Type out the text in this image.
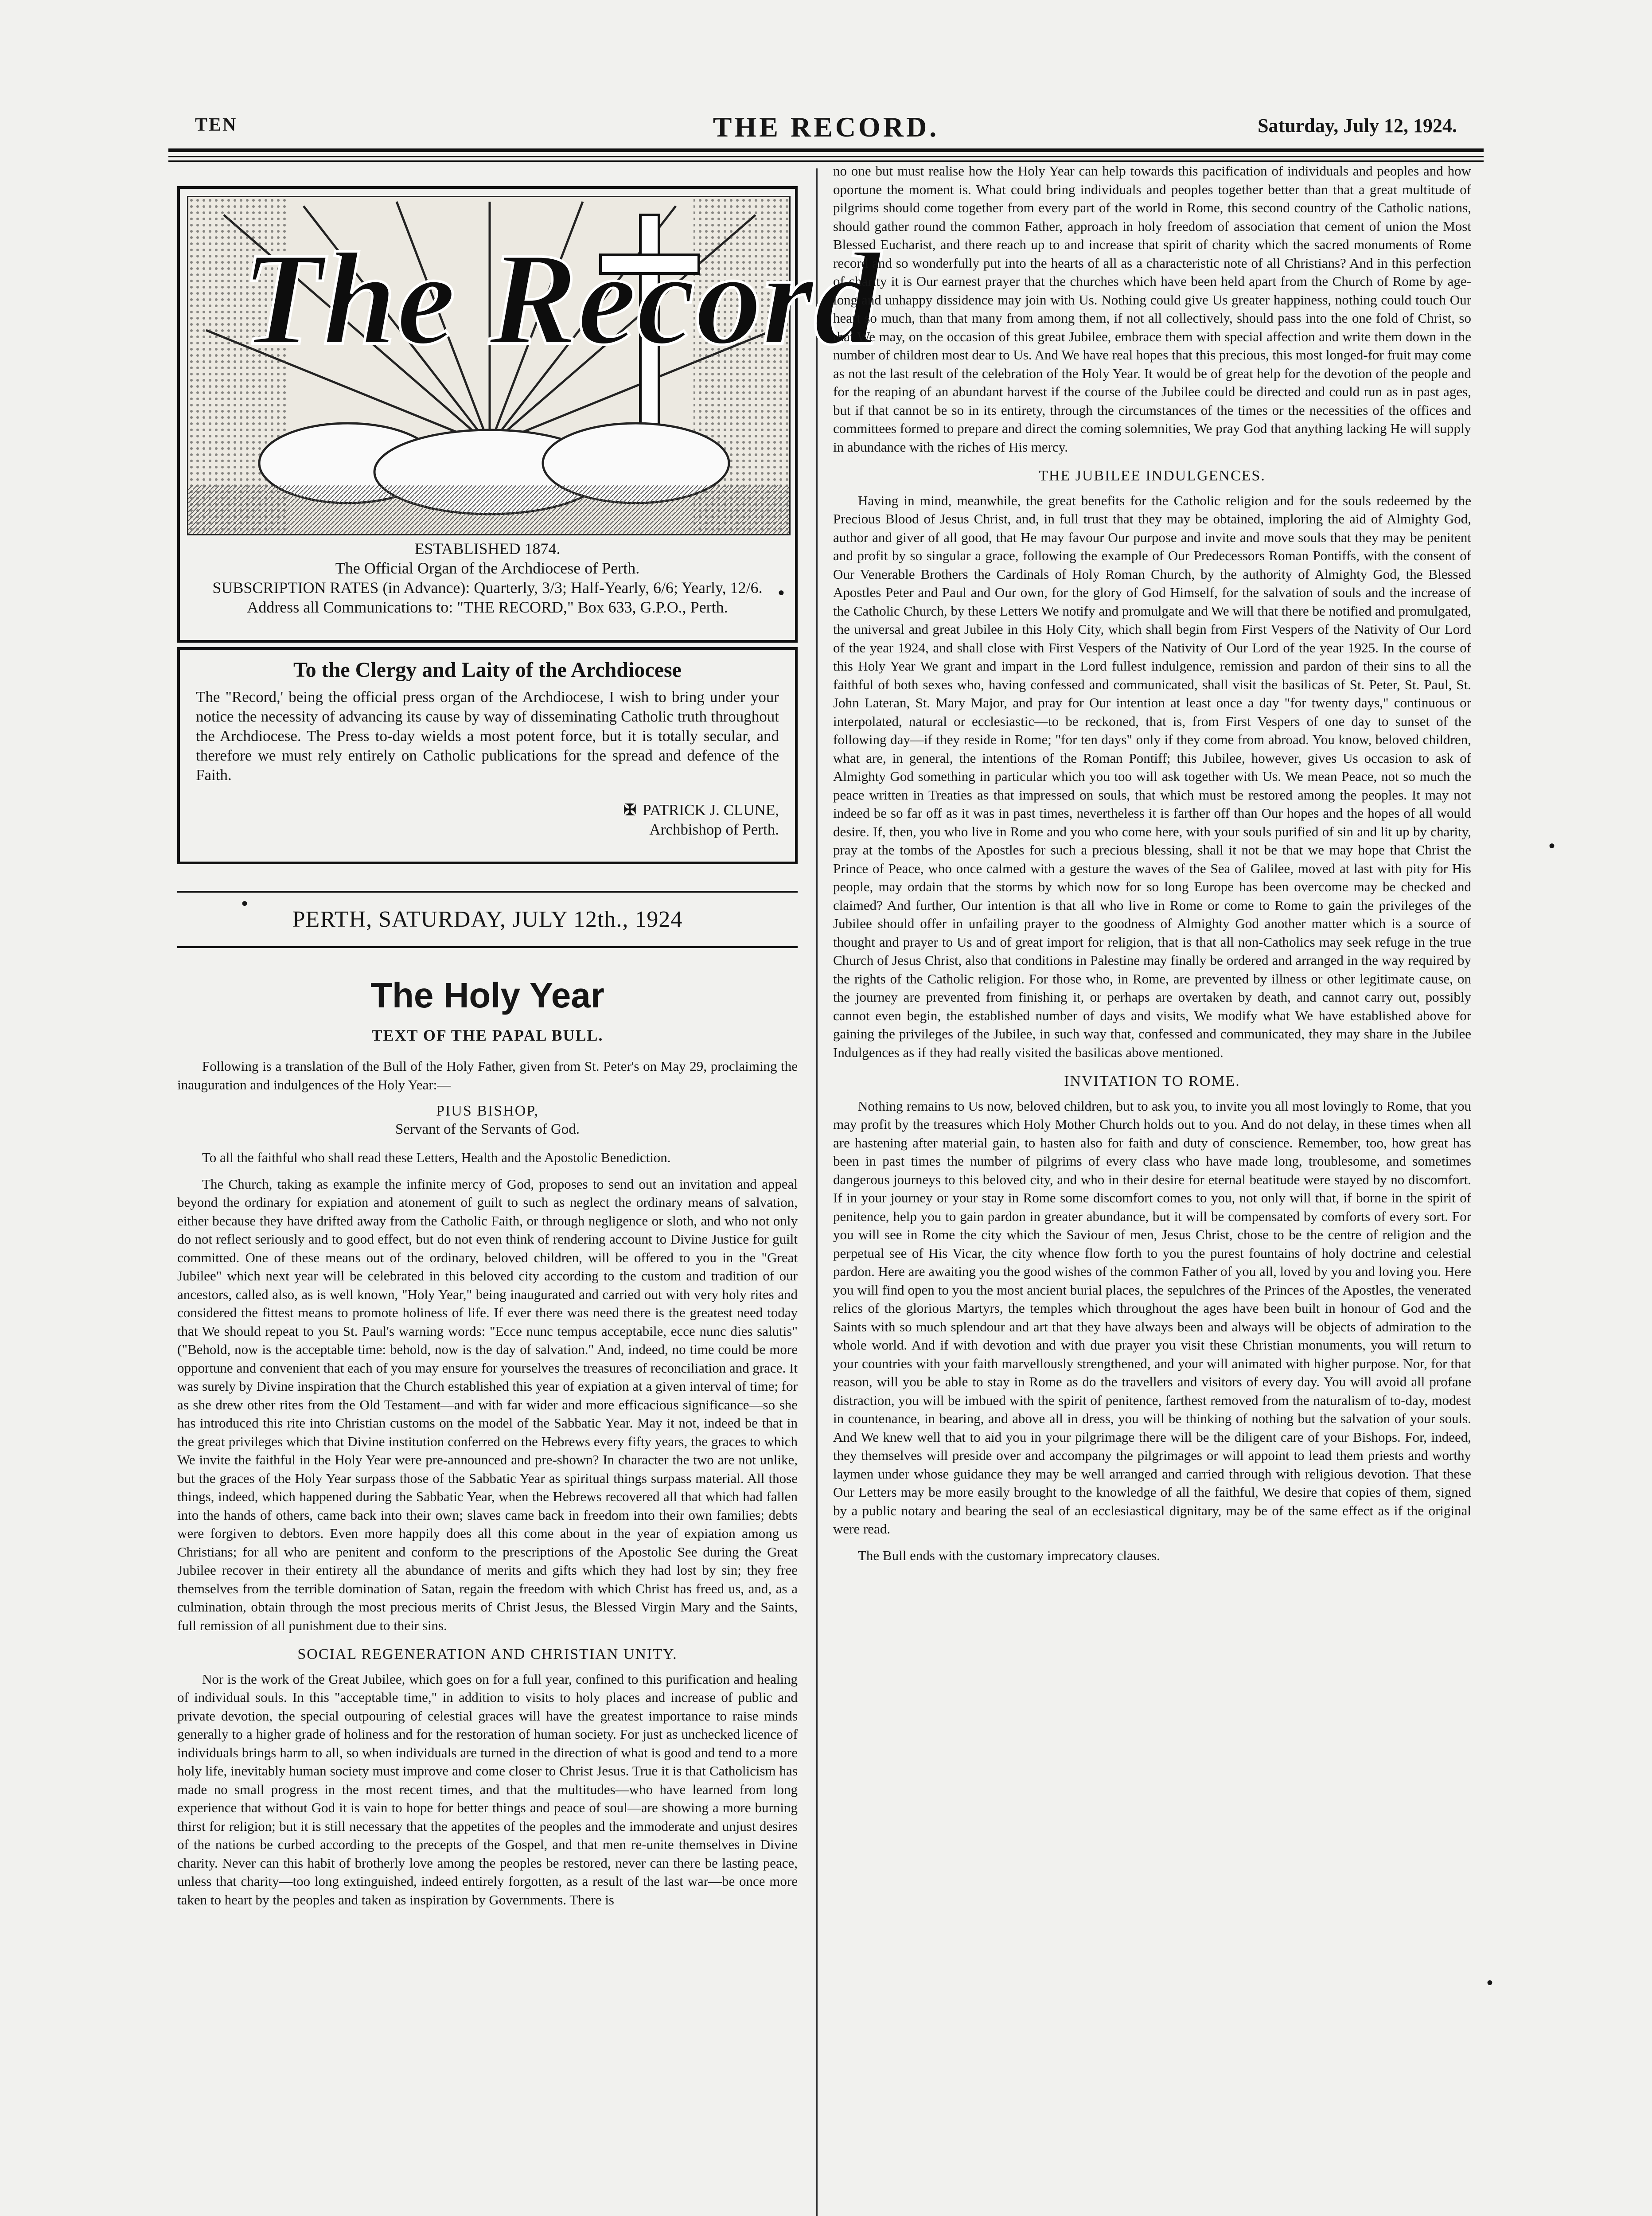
TEN	THE RECORD.	Saturday, July 12, 1924.
The Record

ESTABLISHED 1874.

The Official Organ of the Archdiocese of Perth.

SUBSCRIPTION RATES (in Advance): Quarterly, 3/3; Half-Yearly, 6/6; Yearly, 12/6.

Address all Communications to: "THE RECORD," Box 633, G.P.O., Perth.

•
To the Clergy and Laity of the Archdiocese

The "Record,' being the official press organ of the Archdiocese, I wish to bring under your notice the necessity of advancing its cause by way of disseminating Catholic truth throughout the Archdiocese. The Press to-day wields a most potent force, but it is totally secular, and therefore we must rely entirely on Catholic publications for the spread and defence of the Faith.

✠ PATRICK J. CLUNE,
Archbishop of Perth.
PERTH, SATURDAY, JULY 12th., 1924
The Holy Year
TEXT OF THE PAPAL BULL.

Following is a translation of the Bull of the Holy Father, given from St. Peter's on May 29, proclaiming the inauguration and indulgences of the Holy Year:—

PIUS BISHOP,
Servant of the Servants of God.

To all the faithful who shall read these Letters, Health and the Apostolic Benediction.

The Church, taking as example the infinite mercy of God, proposes to send out an invitation and appeal beyond the ordinary for expiation and atonement of guilt to such as neglect the ordinary means of salvation, either because they have drifted away from the Catholic Faith, or through negligence or sloth, and who not only do not reflect seriously and to good effect, but do not even think of rendering account to Divine Justice for guilt committed. One of these means out of the ordinary, beloved children, will be offered to you in the "Great Jubilee" which next year will be celebrated in this beloved city according to the custom and tradition of our ancestors, called also, as is well known, "Holy Year," being inaugurated and carried out with very holy rites and considered the fittest means to promote holiness of life. If ever there was need there is the greatest need today that We should repeat to you St. Paul's warning words: "Ecce nunc tempus acceptabile, ecce nunc dies salutis" ("Behold, now is the acceptable time: behold, now is the day of salvation." And, indeed, no time could be more opportune and convenient that each of you may ensure for yourselves the treasures of reconciliation and grace. It was surely by Divine inspiration that the Church established this year of expiation at a given interval of time; for as she drew other rites from the Old Testament—and with far wider and more efficacious significance—so she has introduced this rite into Christian customs on the model of the Sabbatic Year. May it not, indeed be that in the great privileges which that Divine institution conferred on the Hebrews every fifty years, the graces to which We invite the faithful in the Holy Year were pre-announced and pre-shown? In character the two are not unlike, but the graces of the Holy Year surpass those of the Sabbatic Year as spiritual things surpass material. All those things, indeed, which happened during the Sabbatic Year, when the Hebrews recovered all that which had fallen into the hands of others, came back into their own; slaves came back in freedom into their own families; debts were forgiven to debtors. Even more happily does all this come about in the year of expiation among us Christians; for all who are penitent and conform to the prescriptions of the Apostolic See during the Great Jubilee recover in their entirety all the abundance of merits and gifts which they had lost by sin; they free themselves from the terrible domination of Satan, regain the freedom with which Christ has freed us, and, as a culmination, obtain through the most precious merits of Christ Jesus, the Blessed Virgin Mary and the Saints, full remission of all punishment due to their sins.

SOCIAL REGENERATION AND CHRISTIAN UNITY.

Nor is the work of the Great Jubilee, which goes on for a full year, confined to this purification and healing of individual souls. In this "acceptable time," in addition to visits to holy places and increase of public and private devotion, the special outpouring of celestial graces will have the greatest importance to raise minds generally to a higher grade of holiness and for the restoration of human society. For just as unchecked licence of individuals brings harm to all, so when individuals are turned in the direction of what is good and tend to a more holy life, inevitably human society must improve and come closer to Christ Jesus. True it is that Catholicism has made no small progress in the most recent times, and that the multitudes—who have learned from long experience that without God it is vain to hope for better things and peace of soul—are showing a more burning thirst for religion; but it is still necessary that the appetites of the peoples and the immoderate and unjust desires of the nations be curbed according to the precepts of the Gospel, and that men re-unite themselves in Divine charity. Never can this habit of brotherly love among the peoples be restored, never can there be lasting peace, unless that charity—too long extinguished, indeed entirely forgotten, as a result of the last war—be once more taken to heart by the peoples and taken as inspiration by Governments. There is

no one but must realise how the Holy Year can help towards this pacification of individuals and peoples and how oportune the moment is. What could bring individuals and peoples together better than that a great multitude of pilgrims should come together from every part of the world in Rome, this second country of the Catholic nations, should gather round the common Father, approach in holy freedom of association that cement of union the Most Blessed Eucharist, and there reach up to and increase that spirit of charity which the sacred monuments of Rome record and so wonderfully put into the hearts of all as a characteristic note of all Christians? And in this perfection of charity it is Our earnest prayer that the churches which have been held apart from the Church of Rome by age-long and unhappy dissidence may join with Us. Nothing could give Us greater happiness, nothing could touch Our heart so much, than that many from among them, if not all collectively, should pass into the one fold of Christ, so that We may, on the occasion of this great Jubilee, embrace them with special affection and write them down in the number of children most dear to Us. And We have real hopes that this precious, this most longed-for fruit may come as not the last result of the celebration of the Holy Year. It would be of great help for the devotion of the people and for the reaping of an abundant harvest if the course of the Jubilee could be directed and could run as in past ages, but if that cannot be so in its entirety, through the circumstances of the times or the necessities of the offices and committees formed to prepare and direct the coming solemnities, We pray God that anything lacking He will supply in abundance with the riches of His mercy.

THE JUBILEE INDULGENCES.

Having in mind, meanwhile, the great benefits for the Catholic religion and for the souls redeemed by the Precious Blood of Jesus Christ, and, in full trust that they may be obtained, imploring the aid of Almighty God, author and giver of all good, that He may favour Our purpose and invite and move souls that they may be penitent and profit by so singular a grace, following the example of Our Predecessors Roman Pontiffs, with the consent of Our Venerable Brothers the Cardinals of Holy Roman Church, by the authority of Almighty God, the Blessed Apostles Peter and Paul and Our own, for the glory of God Himself, for the salvation of souls and the increase of the Catholic Church, by these Letters We notify and promulgate and We will that there be notified and promulgated, the universal and great Jubilee in this Holy City, which shall begin from First Vespers of the Nativity of Our Lord of the year 1924, and shall close with First Vespers of the Nativity of Our Lord of the year 1925. In the course of this Holy Year We grant and impart in the Lord fullest indulgence, remission and pardon of their sins to all the faithful of both sexes who, having confessed and communicated, shall visit the basilicas of St. Peter, St. Paul, St. John Lateran, St. Mary Major, and pray for Our intention at least once a day "for twenty days," continuous or interpolated, natural or ecclesiastic—to be reckoned, that is, from First Vespers of one day to sunset of the following day—if they reside in Rome; "for ten days" only if they come from abroad. You know, beloved children, what are, in general, the intentions of the Roman Pontiff; this Jubilee, however, gives Us occasion to ask of Almighty God something in particular which you too will ask together with Us. We mean Peace, not so much the peace written in Treaties as that impressed on souls, that which must be restored among the peoples. It may not indeed be so far off as it was in past times, nevertheless it is farther off than Our hopes and the hopes of all would desire. If, then, you who live in Rome and you who come here, with your souls purified of sin and lit up by charity, pray at the tombs of the Apostles for such a precious blessing, shall it not be that we may hope that Christ the Prince of Peace, who once calmed with a gesture the waves of the Sea of Galilee, moved at last with pity for His people, may ordain that the storms by which now for so long Europe has been overcome may be checked and claimed? And further, Our intention is that all who live in Rome or come to Rome to gain the privileges of the Jubilee should offer in unfailing prayer to the goodness of Almighty God another matter which is a source of thought and prayer to Us and of great import for religion, that is that all non-Catholics may seek refuge in the true Church of Jesus Christ, also that conditions in Palestine may finally be ordered and arranged in the way required by the rights of the Catholic religion. For those who, in Rome, are prevented by illness or other legitimate cause, on the journey are prevented from finishing it, or perhaps are overtaken by death, and cannot carry out, possibly cannot even begin, the established number of days and visits, We modify what We have established above for gaining the privileges of the Jubilee, in such way that, confessed and communicated, they may share in the Jubilee Indulgences as if they had really visited the basilicas above mentioned.

INVITATION TO ROME.

Nothing remains to Us now, beloved children, but to ask you, to invite you all most lovingly to Rome, that you may profit by the treasures which Holy Mother Church holds out to you. And do not delay, in these times when all are hastening after material gain, to hasten also for faith and duty of conscience. Remember, too, how great has been in past times the number of pilgrims of every class who have made long, troublesome, and sometimes dangerous journeys to this beloved city, and who in their desire for eternal beatitude were stayed by no discomfort. If in your journey or your stay in Rome some discomfort comes to you, not only will that, if borne in the spirit of penitence, help you to gain pardon in greater abundance, but it will be compensated by comforts of every sort. For you will see in Rome the city which the Saviour of men, Jesus Christ, chose to be the centre of religion and the perpetual see of His Vicar, the city whence flow forth to you the purest fountains of holy doctrine and celestial pardon. Here are awaiting you the good wishes of the common Father of you all, loved by you and loving you. Here you will find open to you the most ancient burial places, the sepulchres of the Princes of the Apostles, the venerated relics of the glorious Martyrs, the temples which throughout the ages have been built in honour of God and the Saints with so much splendour and art that they have always been and always will be objects of admiration to the whole world. And if with devotion and with due prayer you visit these Christian monuments, you will return to your countries with your faith marvellously strengthened, and your will animated with higher purpose. Nor, for that reason, will you be able to stay in Rome as do the travellers and visitors of every day. You will avoid all profane distraction, you will be imbued with the spirit of penitence, farthest removed from the naturalism of to-day, modest in countenance, in bearing, and above all in dress, you will be thinking of nothing but the salvation of your souls. And We knew well that to aid you in your pilgrimage there will be the diligent care of your Bishops. For, indeed, they themselves will preside over and accompany the pilgrimages or will appoint to lead them priests and worthy laymen under whose guidance they may be well arranged and carried through with religious devotion. That these Our Letters may be more easily brought to the knowledge of all the faithful, We desire that copies of them, signed by a public notary and bearing the seal of an ecclesiastical dignitary, may be of the same effect as if the original were read.

The Bull ends with the customary imprecatory clauses.

•
•
•
